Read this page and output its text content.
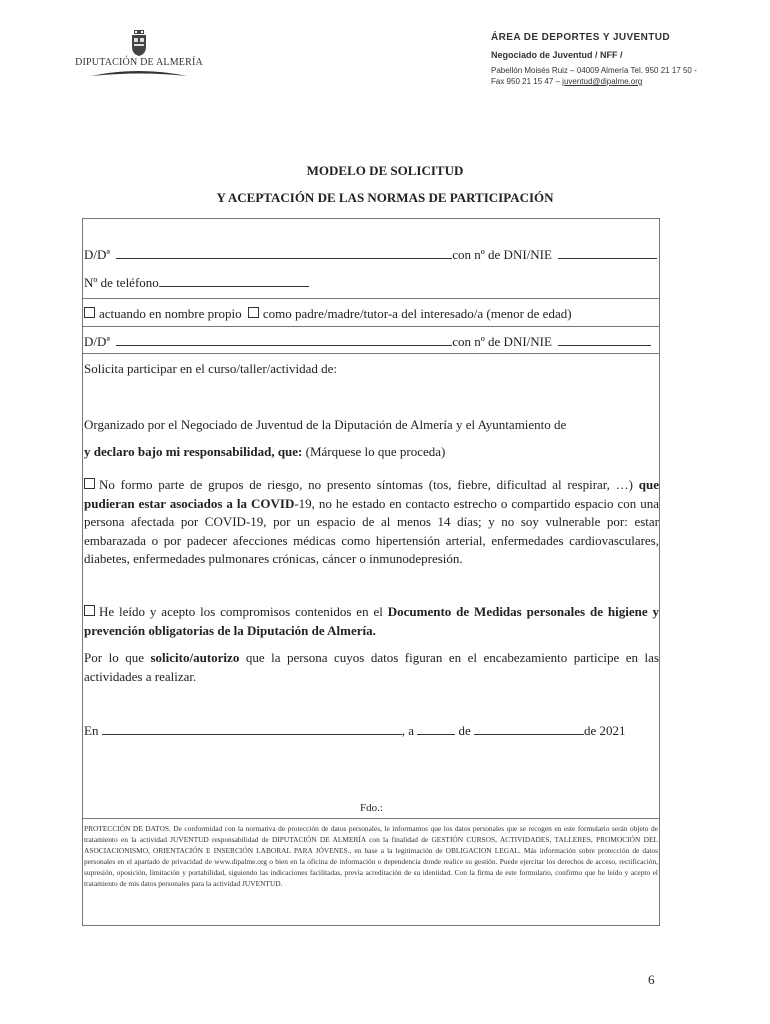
DIPUTACIÓN DE ALMERÍA
ÁREA DE DEPORTES Y JUVENTUD
Negociado de Juventud / NFF /
Pabellón Moisés Ruiz – 04009 Almería Tel. 950 21 17 50 -
Fax 950 21 15 47 – juventud@dipalme.org
MODELO DE SOLICITUD
Y ACEPTACIÓN DE LAS NORMAS DE PARTICIPACIÓN
D/Dª	con nº de DNI/NIE
Nº de teléfono
actuando en nombre propio como padre/madre/tutor-a del interesado/a (menor de edad)
D/Dª	con nº de DNI/NIE
Solicita participar en el curso/taller/actividad de:
Organizado por el Negociado de Juventud de la Diputación de Almería y el Ayuntamiento de
y declaro bajo mi responsabilidad, que: (Márquese lo que proceda)
No formo parte de grupos de riesgo, no presento síntomas (tos, fiebre, dificultad al respirar, …) que pudieran estar asociados a la COVID-19, no he estado en contacto estrecho o compartido espacio con una persona afectada por COVID-19, por un espacio de al menos 14 días; y no soy vulnerable por: estar embarazada o por padecer afecciones médicas como hipertensión arterial, enfermedades cardiovasculares, diabetes, enfermedades pulmonares crónicas, cáncer o inmunodepresión.
He leído y acepto los compromisos contenidos en el Documento de Medidas personales de higiene y prevención obligatorias de la Diputación de Almería.
Por lo que solicito/autorizo que la persona cuyos datos figuran en el encabezamiento participe en las actividades a realizar.
En	, a	de	de 2021
Fdo.:
PROTECCIÓN DE DATOS. De conformidad con la normativa de protección de datos personales, le informamos que los datos personales que se recogen en este formulario serán objeto de tratamiento en la actividad JUVENTUD responsabilidad de DIPUTACIÓN DE ALMERÍA con la finalidad de GESTIÓN CURSOS, ACTIVIDADES, TALLERES, PROMOCIÓN DEL ASOCIACIONISMO, ORIENTACIÓN E INSERCIÓN LABORAL PARA JÓVENES., en base a la legitimación de OBLIGACION LEGAL. Más información sobre protección de datos personales en el apartado de privacidad de www.dipalme.org o bien en la oficina de información o dependencia donde realice su gestión. Puede ejercitar los derechos de acceso, rectificación, supresión, oposición, limitación y portabilidad, siguiendo las indicaciones facilitadas, previa acreditación de su identidad. Con la firma de este formulario, confirmo que he leído y acepto el tratamiento de mis datos personales para la actividad JUVENTUD.
6
